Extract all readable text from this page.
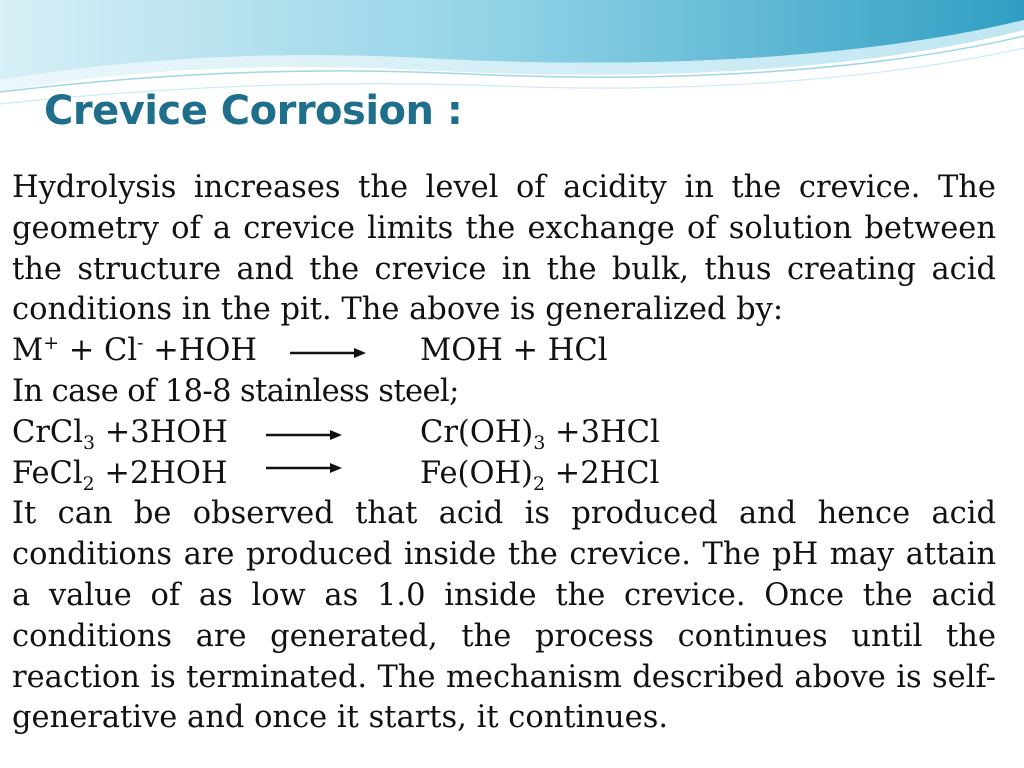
Crevice Corrosion :

Hydrolysis increases the level of acidity in the crevice. The geometry of a crevice limits the exchange of solution between the structure and the crevice in the bulk, thus creating acid conditions in the pit. The above is generalized by:

M+ + Cl- +HOH → MOH + HCl
In case of 18-8 stainless steel;
CrCl$_3$ $+3HOH \to Cr(OH)_3 +3HCl$
FeCl$_2$ $+2HOH \to Fe(OH)_2 +2HCl$

It can be observed that acid is produced and hence acid conditions are produced inside the crevice. The pH may attain a value of as low as 1.0 inside the crevice. Once the acid conditions are generated, the process continues until the reaction is terminated. The mechanism described above is self-generative and once it starts, it continues.
